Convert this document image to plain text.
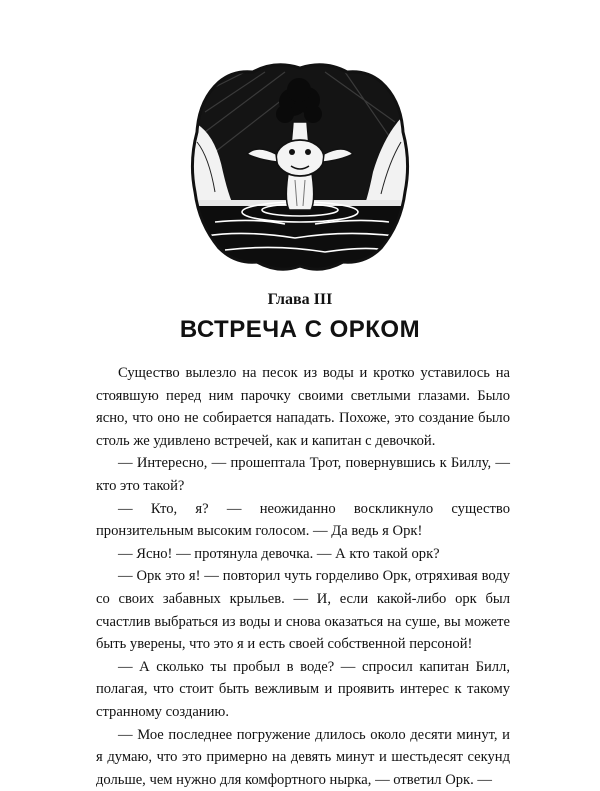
Глава III
ВСТРЕЧА С ОРКОМ

Существо вылезло на песок из воды и кротко уставилось на стоявшую перед ним парочку своими светлыми глазами. Было ясно, что оно не собирается нападать. Похоже, это создание было столь же удивлено встречей, как и капитан с девочкой.

— Интересно, — прошептала Трот, повернувшись к Биллу, — кто это такой?

— Кто, я? — неожиданно воскликнуло существо пронзительным высоким голосом. — Да ведь я Орк!

— Ясно! — протянула девочка. — А кто такой орк?

— Орк это я! — повторил чуть горделиво Орк, отряхивая воду со своих забавных крыльев. — И, если какой-либо орк был счастлив выбраться из воды и снова оказаться на суше, вы можете быть уверены, что это я и есть своей собственной персоной!

— А сколько ты пробыл в воде? — спросил капитан Билл, полагая, что стоит быть вежливым и проявить интерес к такому странному созданию.

— Мое последнее погружение длилось около десяти минут, и я думаю, что это примерно на девять минут и шестьдесят секунд дольше, чем нужно для комфортного нырка, — ответил Орк. —
